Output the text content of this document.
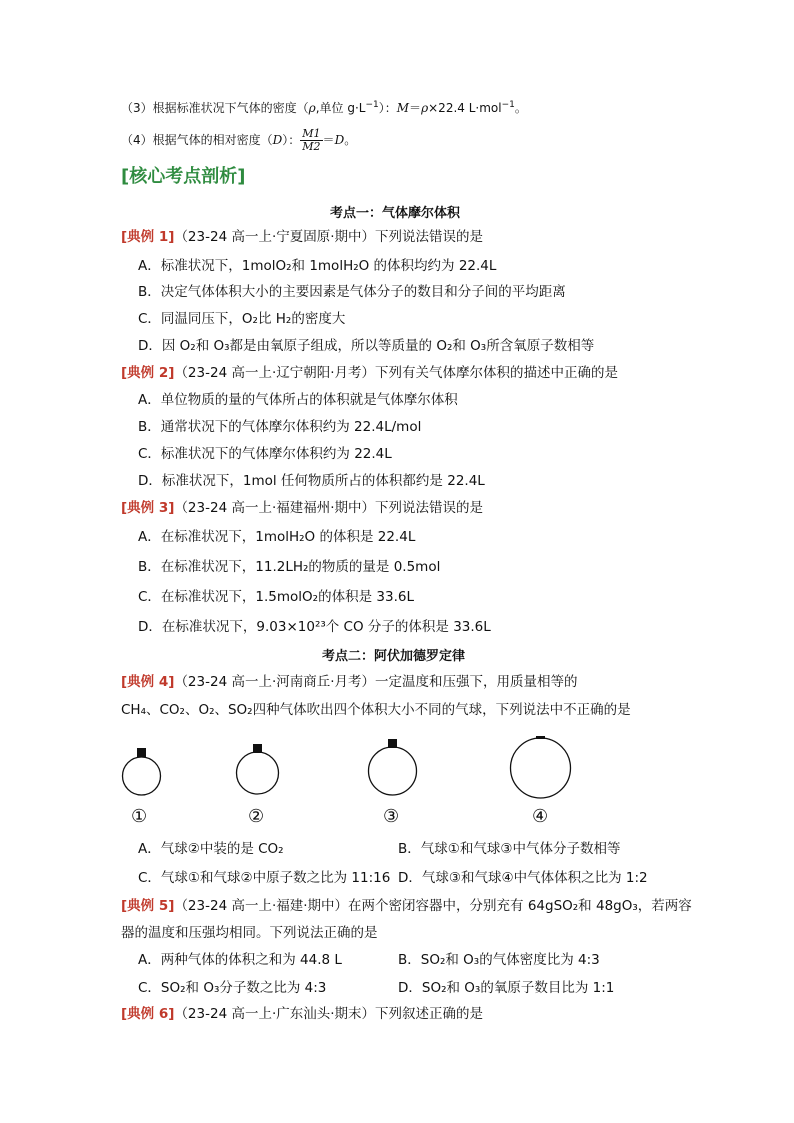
（3）根据标准状况下气体的密度（ρ,单位 $g\cdot L^{-1}$）：M＝ρ×22.4 L·mol$^{-1}$。
（4）根据气体的相对密度（D）： $\frac{M1}{M2} =D$。
[核心考点剖析]
考点一：气体摩尔体积
[典例 1]（23-24 高一上·宁夏固原·期中）下列说法错误的是
A．标准状况下，1molO₂和 1molH₂O 的体积均约为 22.4L
B．决定气体体积大小的主要因素是气体分子的数目和分子间的平均距离
C．同温同压下，O₂比 H₂的密度大
D．因 O₂和 O₃都是由氧原子组成，所以等质量的 O₂和 O₃所含氧原子数相等
[典例 2]（23-24 高一上·辽宁朝阳·月考）下列有关气体摩尔体积的描述中正确的是
A．单位物质的量的气体所占的体积就是气体摩尔体积
B．通常状况下的气体摩尔体积约为 22.4L/mol
C．标准状况下的气体摩尔体积约为 22.4L
D．标准状况下，1mol 任何物质所占的体积都约是 22.4L
[典例 3]（23-24 高一上·福建福州·期中）下列说法错误的是
A．在标准状况下，1molH₂O 的体积是 22.4L
B．在标准状况下，11.2LH₂的物质的量是 0.5mol
C．在标准状况下，1.5molO₂的体积是 33.6L
D．在标准状况下，9.03×10²³个 CO 分子的体积是 33.6L
考点二：阿伏加德罗定律
[典例 4]（23-24 高一上·河南商丘·月考）一定温度和压强下，用质量相等的
CH₄、CO₂、O₂、SO₂四种气体吹出四个体积大小不同的气球，下列说法中不正确的是
①	②	③	④
A．气球②中装的是 CO₂	B．气球①和气球③中气体分子数相等
C．气球①和气球②中原子数之比为 11:16 D．气球③和气球④中气体体积之比为 1:2
[典例 5]（23-24 高一上·福建·期中）在两个密闭容器中，分别充有 64gSO₂和 48gO₃，若两容
器的温度和压强均相同。下列说法正确的是
A．两种气体的体积之和为 44.8 L	B．SO₂和 O₃的气体密度比为 4:3
C．SO₂和 O₃分子数之比为 4:3	D．SO₂和 O₃的氧原子数目比为 1:1
[典例 6]（23-24 高一上·广东汕头·期末）下列叙述正确的是
